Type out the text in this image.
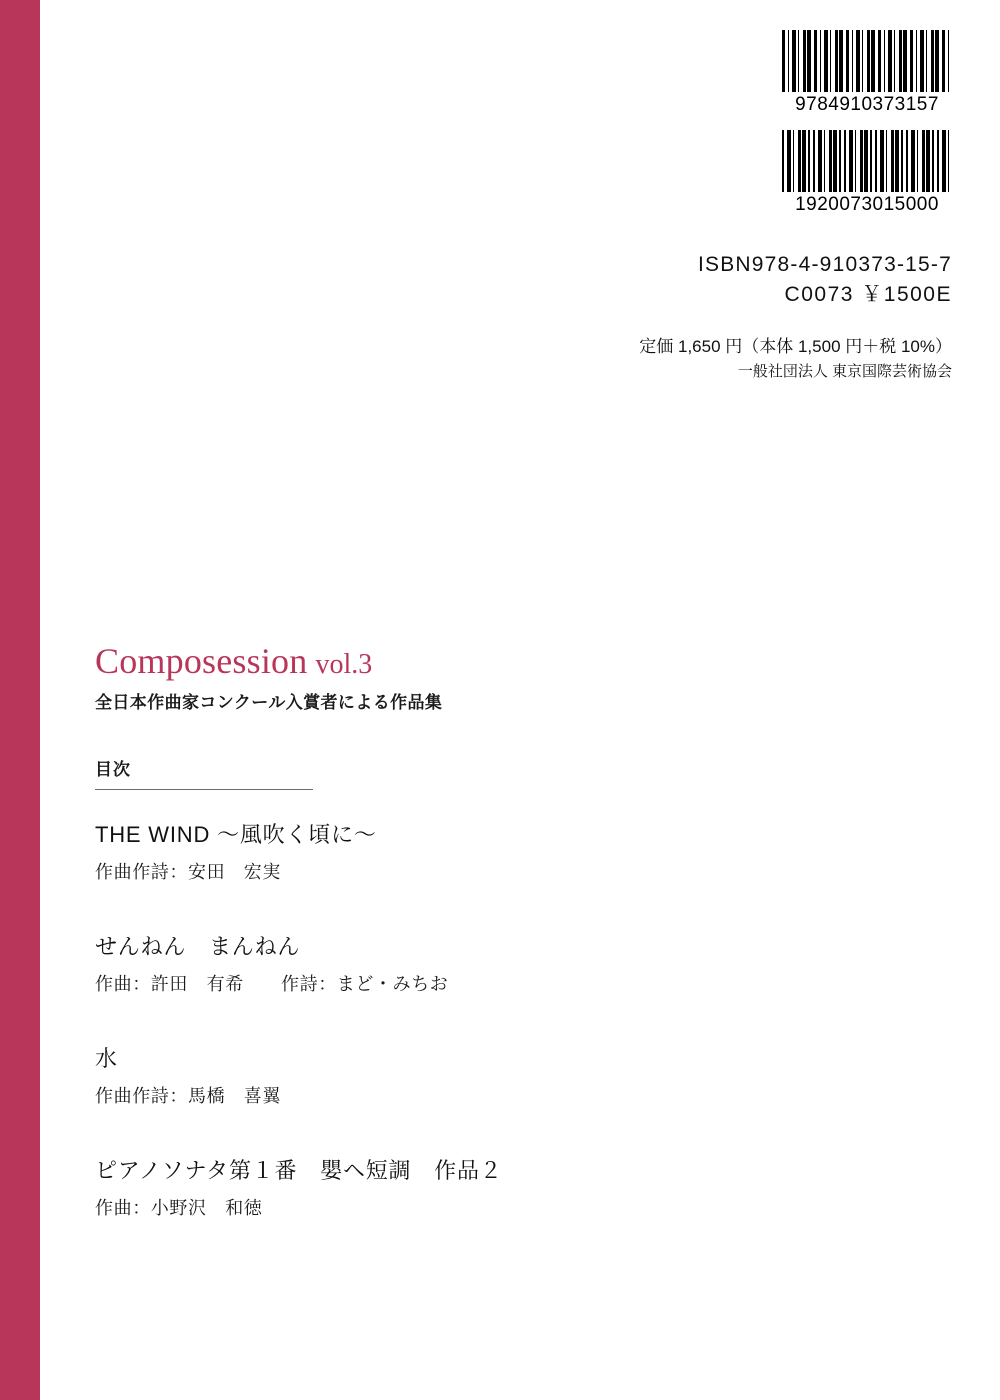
9784910373157
1920073015000
ISBN978-4-910373-15-7
C0073 ￥1500E
定価 1,650 円（本体 1,500 円＋税 10%）
一般社団法人 東京国際芸術協会
Composession vol.3
全日本作曲家コンクール入賞者による作品集
目次
THE WIND 〜風吹く頃に〜
作曲作詩：安田　宏実
せんねん　まんねん
作曲：許田　有希　　作詩：まど・みちお
水
作曲作詩：馬橋　喜翼
ピアノソナタ第１番　嬰ヘ短調　作品２
作曲：小野沢　和徳
